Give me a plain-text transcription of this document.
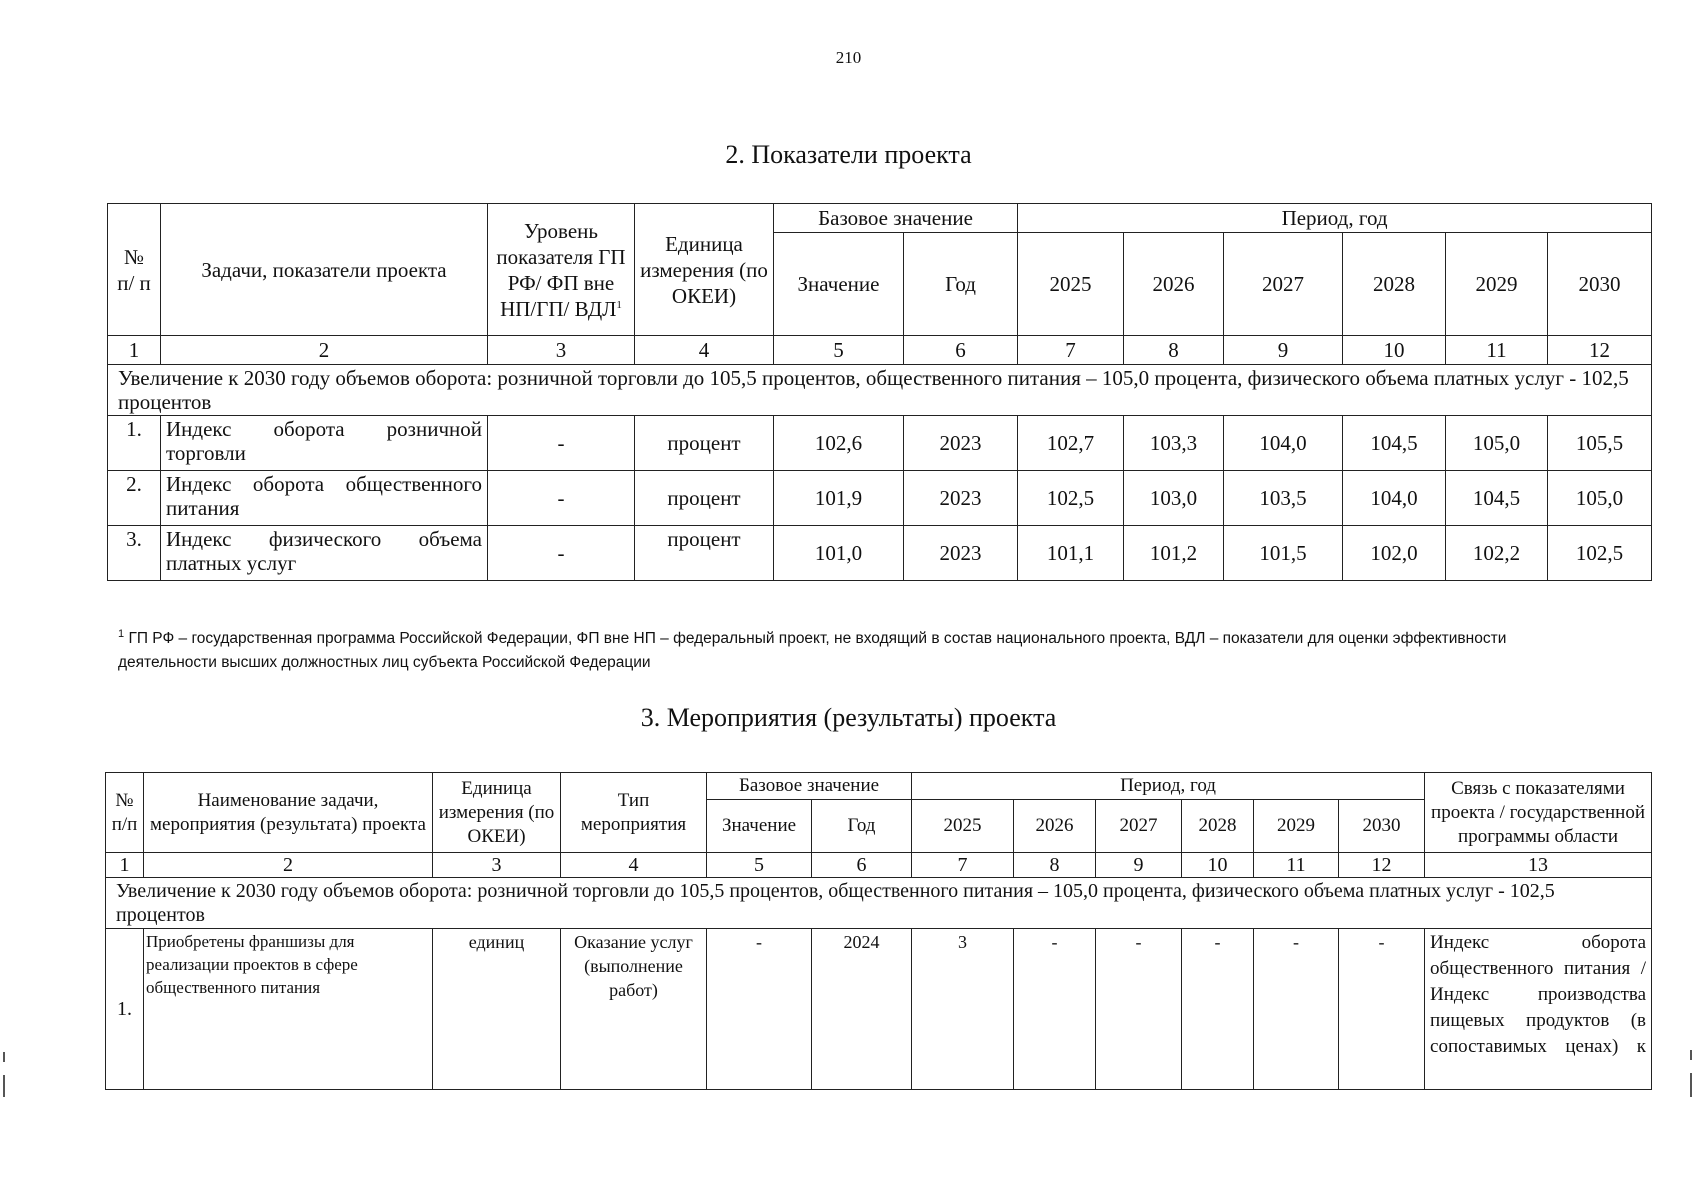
210
2. Показатели проекта
№ п/ п	Задачи, показатели проекта	Уровень показателя ГП РФ/ ФП вне НП/ГП/ ВДЛ$^1$	Единица измерения (по ОКЕИ)	Базовое значение		Период, год					
				Значение	Год	2025	2026	2027	2028	2029	2030
1	2	3	4	5	6	7	8	9	10	11	12
Увеличение к 2030 году объемов оборота: розничной торговли до 105,5 процентов, общественного питания – 105,0 процента, физического объема платных услуг - 102,5 процентов											
1.	Индекс оборота розничной торговли	-	процент	102,6	2023	102,7	103,3	104,0	104,5	105,0	105,5
2.	Индекс оборота общественного питания	-	процент	101,9	2023	102,5	103,0	103,5	104,0	104,5	105,0
3.	Индекс физического объема платных услуг	-	процент	101,0	2023	101,1	101,2	101,5	102,0	102,2	102,5
$^1$ ГП РФ – государственная программа Российской Федерации, ФП вне НП – федеральный проект, не входящий в состав национального проекта, ВДЛ – показатели для оценки эффективности деятельности высших должностных лиц субъекта Российской Федерации
3. Мероприятия (результаты) проекта
№ п/п	Наименование задачи, мероприятия (результата) проекта	Единица измерения (по ОКЕИ)	Тип мероприятия	Базовое значение		Период, год						Связь с показателями проекта / государственной программы области
				Значение	Год	2025	2026	2027	2028	2029	2030	
1	2	3	4	5	6	7	8	9	10	11	12	13
Увеличение к 2030 году объемов оборота: розничной торговли до 105,5 процентов, общественного питания – 105,0 процента, физического объема платных услуг - 102,5 процентов												
1.	Приобретены франшизы для реализации проектов в сфере общественного питания	единиц	Оказание услуг (выполнение работ)	-	2024	3	-	-	-	-	-	Индекс оборота общественного питания /Индекс производства пищевых продуктов (в сопоставимых ценах) к
